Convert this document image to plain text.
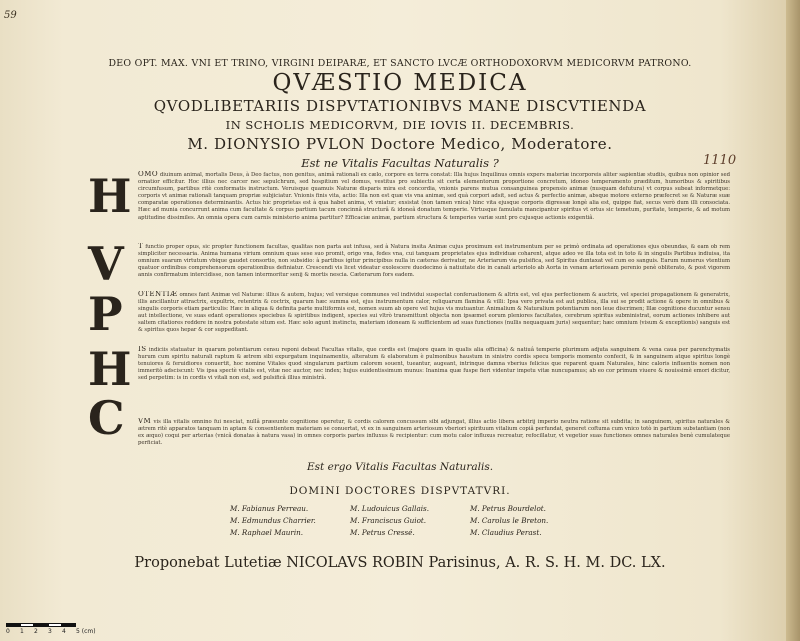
59
DEO OPT. MAX. VNI ET TRINO, VIRGINI DEIPARÆ, ET SANCTO LVCÆ ORTHODOXORVM MEDICORVM PATRONO.
QVÆSTIO MEDICA
QVODLIBETARIIS DISPVTATIONIBVS MANE DISCVTIENDA
IN SCHOLIS MEDICORVM, DIE IOVIS II. DECEMBRIS.
M. DIONYSIO PVLON Doctore Medico, Moderatore.
Est ne Vitalis Facultas Naturalis ?	1110
H OMO diuinum animal, mortalis Deus, à Deo factus, non genitus, animâ rationali ex cælo, corpore ex terra constat: Illa hujus Inquilinus omnis expers materiæ incorporeis aliter sapientiæ studiis, quibus non opinior sed ornatior efficitur. Hoc illius nec carcer nec sepulchrum, sed hospitium vel domus, vestitus pro subiectis sit certa elementorum proportione concretum, idoneo temperamento præditum, humoribus & spiritibus circumfusum, partibus ritè conformatis instructum. Veruisque quamuis Naturæ disparis mira est concordia, vnionis parens mutua consanguinea propensio animæ (nusquam defutura) vt corpus subeat informetque: corporis vt animæ rationali tanquam propriæ subjiciatur. Vnionis finis vita, actio: Illa non est quæ vis vna animæ, sed quà corpori adsit, sed actus & perfectio animæ, absque motore externo præfecret se & Naturæ suæ comparatæ operationes determinantis. Actus hic proprietas est à qua habet anima, vt vniatur; exsistat (non tamen vnica) hinc vita ejusque corporis digressæ longè alia est, quippe fiat, secus verò dum illi consociata. Hæc ad munia concurrunt anima cum facultate & corpus partium tacum concinnâ structurâ & idoneâ donatum temperie. Virtusque famulatu mancipantur spiritus vt ortus sic temetum, puritate, temperie, & ad motum aptitudine dissimiles. An omnia opera cum carnis ministerio anima partitur? Efficaciæ animæ, partium structura & temperies variæ sunt pro cujusque actionis exigentiâ.
V T functio proper opus, sic propter functionem facultas, qualitas non parta aut infusa, sed à Natura insita Animæ cujus proximum est instrumentum per se primò ordinata ad operationes ejus obeundas, & eam ob rem simpliciter necessaria. Anima humana virium omnium quas sese suo promit, origo vna, fedes vna, cui tanquam proprietates ejus individuæ coharent, atque adeo ve illa tota est in toto & in singulis Partibus indiuisa, ita omnium suarum virtutum vbique gaudet consortio, non subsidio: à partibus igitur principibus nulla in cæteras derivatur, ne Arteriarum via pulsifica, sed Spiritus duntaxat vel cum eo sanguis. Earum numerus vtentium quatuor ordinibus comprehensorum operationibus definiatur. Crescendi vis licet videatur exolescere duodecimo à natiuitate die in canali arteriolo ab Aorta in venam arteriosam perenio penè obliterato, & post vigorem annis confirmatum intercidisse, non tamen intermoritur senij & mortis nescia. Cæterarum fors eadem.
P OTENTIÆ omnes fant Animæ vel Naturæ: illius & autem, hujus; vel versique communes vel individui suspectat conferuationem & altrix est, vel ejus perfectionem & auctrix, vel speciei propagationem & generatrix, illis ancillantur attractrix, expultrix, retentrix & coctrix, quarum hæc summa est, ejus instrumentum calor, reliquarum flamina & villi: Ipsa vero privata est aut publica, illa sui se prodit actione & opere in omnibus & singulis corporis etiam particulis: Hæc in aliqua & definita parte multiformis est, nomen suum ab opere vel hujus vis mutuantur. Animalium & Naturalium potentiarum non leue discrimen; Illæ cognitione ducuntur sensu aut intellectione, ve suas edant operationes speciebus & spiritibus indigent, species sui vltrò transmittunt objecta non ipsæmet eorum pleniores facultates, cerebrum spiritus subministrat, eorum actiones inhibere aut saltem citatiores reddere in nostra potestate situm est. Hæc solo agunt instinctu, materiam idoneam & sufficientem ad suas functiones (nullis nequaquam juris) sequentur; hæc omnium (visum & exceptionis) sanguis est & spiritus quos hepar & cor suppeditant.
H IS indiciis statuatur in quarum potentiarum censu reponi debeat Facultas vitalis, que cordis est (majore quam in qualis alia officina) & natiuâ temperie plurimum adjuta sanguinem & vena caua per parenchymatis hurum cum spiritu naturali raptum & ætrem sibi expurgatum inquinamentis, alteratum & elaboratum è pulmonibus haustum in sinistro cordis specu temporis momento confecit, & in sanguinem atque spiritus longè tenuiores & feruidiores conuertit, hoc nomine Vitales quod singularum partium calorem souent, tueantur, augeant, intrinque damna vberius felicius que reparent quam Naturales, hinc caloris influentis nomen non immeritò adsciscunt: Vis ipsa spectè vitalis est, vitæ nec auctor, nec index; hujus euidentissimum munus: Inanima quæ fuspe fieri videntur impetu vitæ nuncupamus; ab eo cor primum viuere & nouissimè emori dicitur, sed perpetim: is in cordis vi vitali non est, sed pulsificâ illius ministrâ.
C VM vis illa vitalis omnino fui nesciat, nullâ præeunte cognitione operetur, & cordis calorem concussum sibi adjungat, illius actio libera arbitrij imperio neutra ratione sit subdita; in sanguinem, spiritus naturales & ætrem ritè apparatos tanquam in aptam & consentientem materiam se conuertat, vt ex in sanguinem arteriosum vberiori spirituum vitalium copiâ perfundat, generet coftuma cum vnico totò in partium substantiam (non ex æquo) coqui per arterias (vnicâ donatas à natura vasa) in omnes corporis partes influxus & recipientur: cum motu calor influxus recreatur, refocillatur, vt vegetior suas functiones omnes naturales benè cumulateque perficiat.
Est ergo Vitalis Facultas Naturalis.
DOMINI DOCTORES DISPVTATVRI.
M. Fabianus Perreau.	M. Ludouicus Gallais.	M. Petrus Bourdelot.
M. Edmundus Charrier.	M. Franciscus Guiot.	M. Carolus le Breton.
M. Raphael Maurin.	M. Petrus Cressé.	M. Claudius Perast.
Proponebat Lutetiæ NICOLAVS ROBIN Parisinus, A. R. S. H. M. DC. LX.
0 1 2 3 4 5 (cm)
